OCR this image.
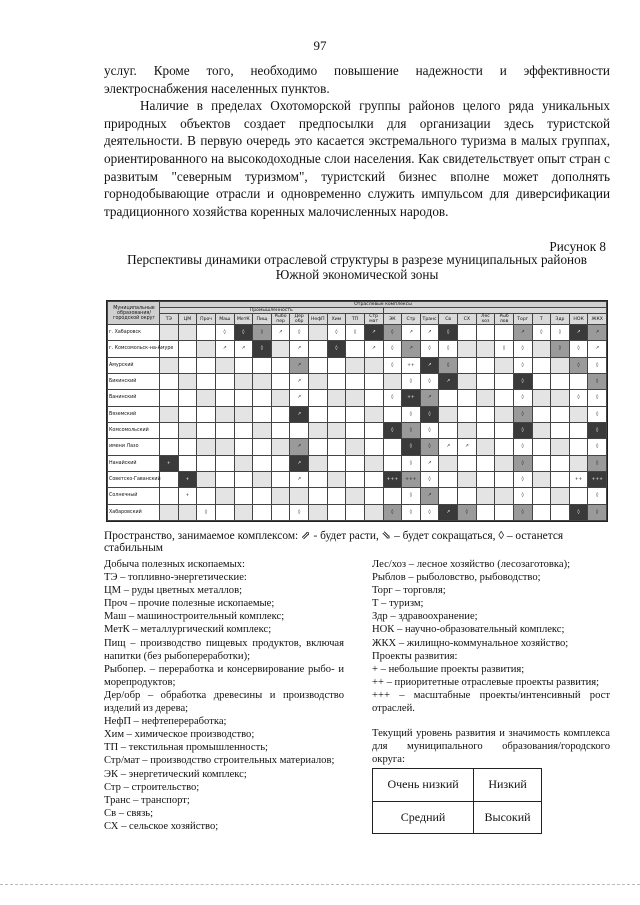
97

услуг. Кроме того, необходимо повышение надежности и эффективности электроснабжения населенных пунктов.

Наличие в пределах Охотоморской группы районов целого ряда уникальных природных объектов создает предпосылки для организации здесь туристской деятельности. В первую очередь это касается экстремального туризма в малых группах, ориентированного на высокодоходные слои населения. Как свидетельствует опыт стран с развитым "северным туризмом", туристский бизнес вполне может дополнять горнодобывающие отрасли и одновременно служить импульсом для диверсификации традиционного хозяйства коренных малочисленных народов.

Рисунок 8
Перспективы динамики отраслевой структуры в разрезе муниципальных районов Южной экономической зоны
Муниципальные образования/ городской округ	Отраслевые комплексы																							
	Промышленность																							
	ТЭ	ЦМ	Проч	Маш	МетК	Пищ	Рыбо пер	Дер обр	НефП	Хим	ТП	Стр мат	ЭК	Стр	Транс	Св	СХ	Лес хоз	Рыб лов	Торг	Т	Здр	НОК	ЖКХ
г. Хабаровск				◊	◊	◊	↗	◊		◊	◊	↗	◊	↗	↗	◊				↗	◊	◊	↗	↗
г. Комсомольск-на-Амуре				↗	↗	◊		↗		◊		↗	◊	↗	◊	◊			◊	◊		◊	◊	↗
Амурский								↗					◊	++	↗	◊				◊			◊	◊
Бикинский								↗						◊	◊	↗				◊				◊
Ванинский								↗					◊	++	↗					◊			◊	◊
Вяземский								↗						◊	◊					◊				◊
Комсомольский													◊	◊	◊					◊				◊
имени Лазо								↗						◊	◊	↗	↗			◊				◊
Нанайский	+							↗						◊	↗					◊				◊
Советско-Гаванский		+						↗					+++	+++	◊					◊			++	+++
Солнечный		+												◊	↗					◊				◊
Хабаровский			◊					◊					◊	◊	◊	↗	◊			◊			◊	◊
Пространство, занимаемое комплексом: ⇗ - будет расти, ⇘ – будет сокращаться, ◊ – останется стабильным
Добыча полезных ископаемых:
ТЭ – топливно-энергетические:
ЦМ – руды цветных металлов;
Проч – прочие полезные ископаемые;
Маш – машиностроительный комплекс;
МетК – металлургический комплекс;
Пищ – производство пищевых продуктов, включая напитки (без рыбопереработки);
Рыбопер. – переработка и консервирование рыбо- и морепродуктов;
Дер/обр – обработка древесины и производство изделий из дерева;
НефП – нефтепереработка;
Хим – химическое производство;
ТП – текстильная промышленность;
Стр/мат – производство строительных материалов;
ЭК – энергетический комплекс;
Стр – строительство;
Транс – транспорт;
Св – связь;
СХ – сельское хозяйство;
Лес/хоз – лесное хозяйство (лесозаготовка);
Рыблов – рыболовство, рыбоводство;
Торг – торговля;
Т – туризм;
Здр – здравоохранение;
НОК – научно-образовательный комплекс;
ЖКХ – жилищно-коммунальное хозяйство;
Проекты развития:
+ – небольшие проекты развития;
++ – приоритетные отраслевые проекты развития;
+++ – масштабные проекты/интенсивный рост отраслей.
Текущий уровень развития и значимость комплекса для муниципального образования/городского округа:
Очень низкий	Низкий
Средний	Высокий
